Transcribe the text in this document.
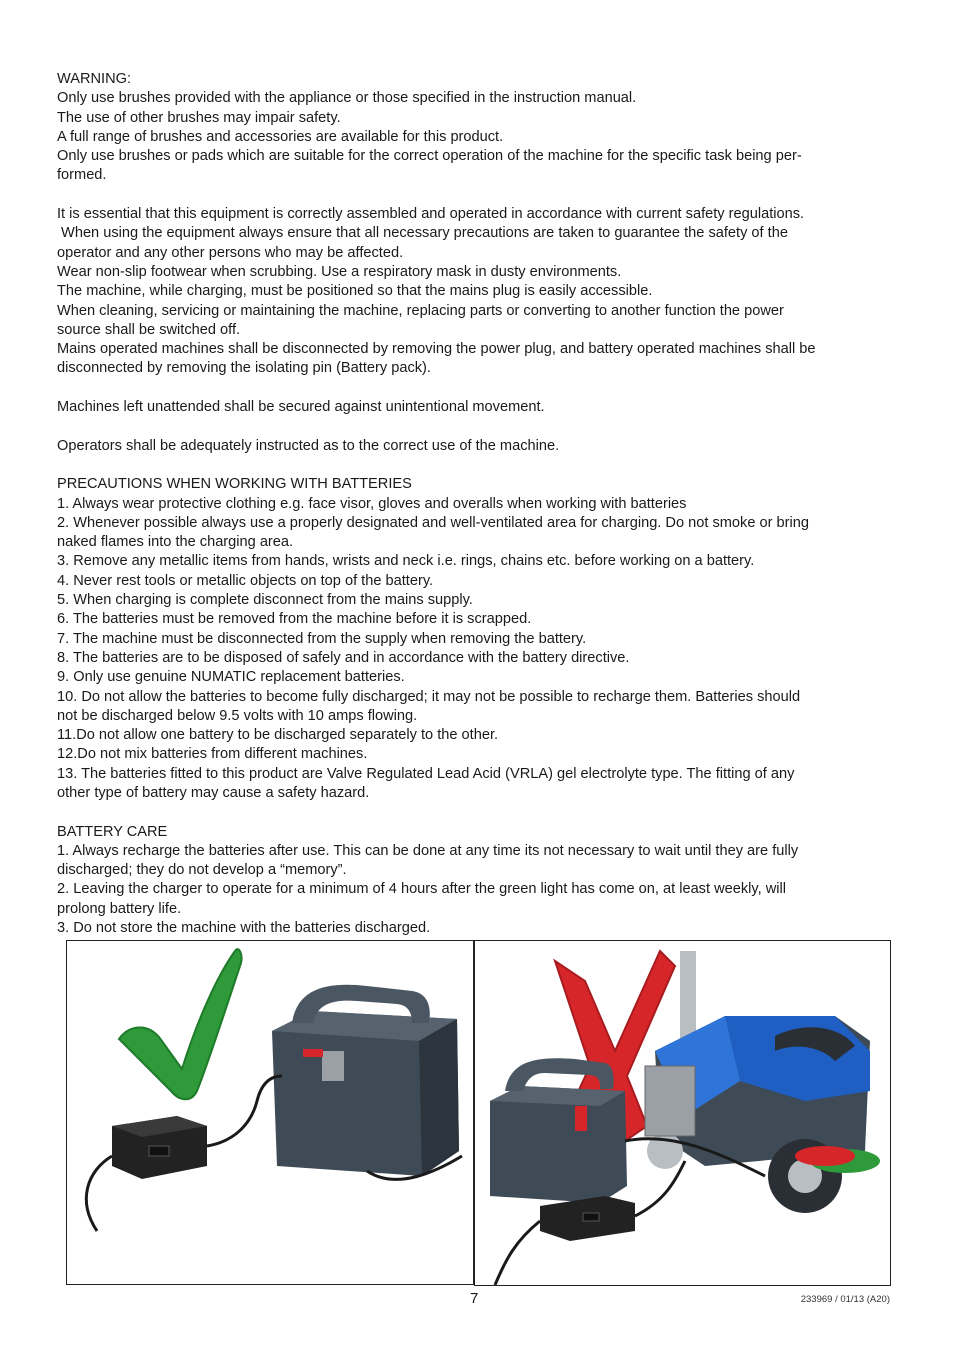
WARNING:

Only use brushes provided with the appliance or those specified in the instruction manual.

The use of other brushes may impair safety.

A full range of brushes and accessories are available for this product.

Only use brushes or pads which are suitable for the correct operation of the machine for the specific task being per-

formed.

It is essential that this equipment is correctly assembled and operated in accordance with current safety regulations.

When using the equipment always ensure that all necessary precautions are taken to guarantee the safety of the

operator and any other persons who may be affected.

Wear non-slip footwear when scrubbing. Use a respiratory mask in dusty environments.

The machine, while charging, must be positioned so that the mains plug is easily accessible.

When cleaning, servicing or maintaining the machine, replacing parts or converting to another function the power

source shall be switched off.

Mains operated machines shall be disconnected by removing the power plug, and battery operated machines shall be

disconnected by removing the isolating pin (Battery pack).

Machines left unattended shall be secured against unintentional movement.

Operators shall be adequately instructed as to the correct use of the machine.

PRECAUTIONS WHEN WORKING WITH BATTERIES

1. Always wear protective clothing e.g. face visor, gloves and overalls when working with batteries

2. Whenever possible always use a properly designated and well-ventilated area for charging. Do not smoke or bring

naked flames into the charging area.

3. Remove any metallic items from hands, wrists and neck i.e. rings, chains etc. before working on a battery.

4. Never rest tools or metallic objects on top of the battery.

5. When charging is complete disconnect from the mains supply.

6. The batteries must be removed from the machine before it is scrapped.

7. The machine must be disconnected from the supply when removing the battery.

8. The batteries are to be disposed of safely and in accordance with the battery directive.

9. Only use genuine NUMATIC replacement batteries.

10. Do not allow the batteries to become fully discharged; it may not be possible to recharge them. Batteries should

not be discharged below 9.5 volts with 10 amps flowing.

11.Do not allow one battery to be discharged separately to the other.

12.Do not mix batteries from different machines.

13. The batteries fitted to this product are Valve Regulated Lead Acid (VRLA) gel electrolyte type. The fitting of any

other type of battery may cause a safety hazard.

BATTERY CARE

1. Always recharge the batteries after use. This can be done at any time its not necessary to wait until they are fully

discharged; they do not develop a “memory”.

2. Leaving the charger to operate for a minimum of 4 hours after the green light has come on, at least weekly, will

prolong battery life.

3. Do not store the machine with the batteries discharged.

7	233969 / 01/13 (A20)
